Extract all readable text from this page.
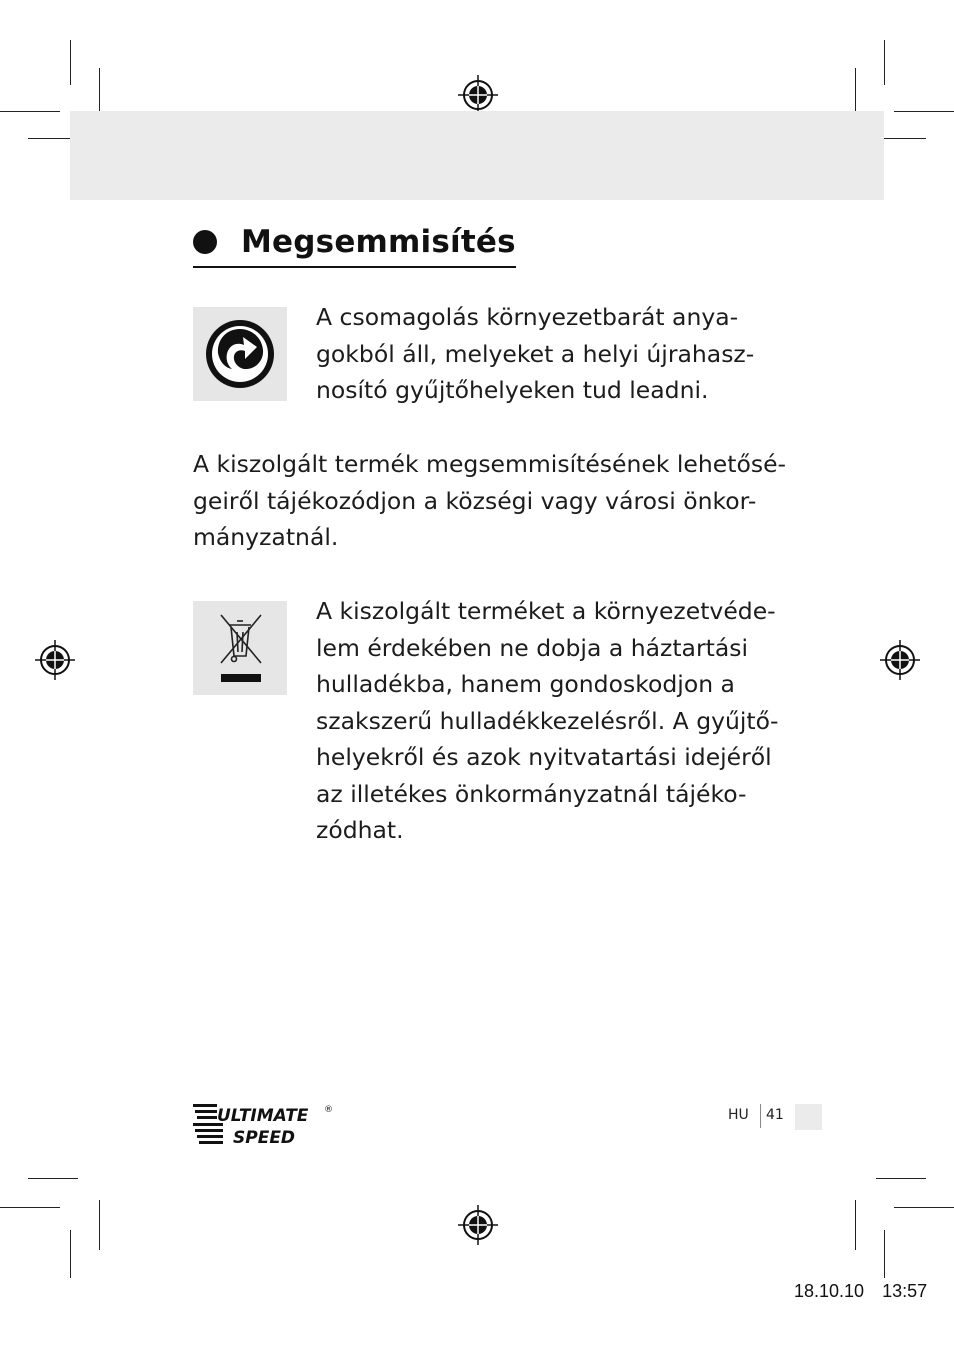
Megsemmisítés
A csomagolás környezetbarát anya-
gokból áll, melyeket a helyi újrahasz-
nosító gyűjtőhelyeken tud leadni.
A kiszolgált termék megsemmisítésének lehetősé-
geiről tájékozódjon a községi vagy városi önkor-
mányzatnál.
A kiszolgált terméket a környezetvéde-
lem érdekében ne dobja a háztartási
hulladékba, hanem gondoskodjon a
szakszerű hulladékkezelésről. A gyűjtő-
helyekről és azok nyitvatartási idejéről
az illetékes önkormányzatnál tájéko-
zódhat.
ULTIMATE
SPEED
®	HU 41
18.10.10 13:57
